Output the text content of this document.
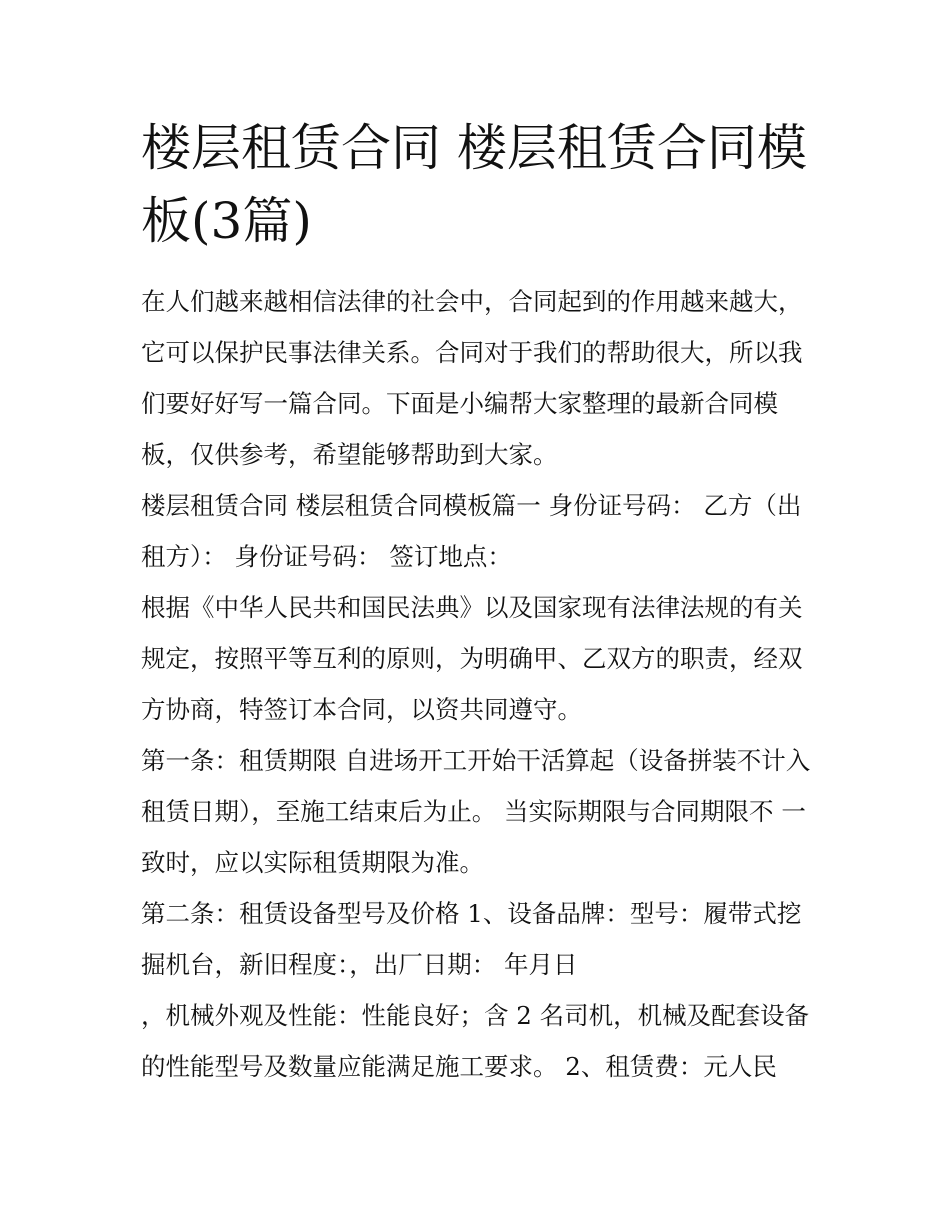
楼层租赁合同 楼层租赁合同模板(3篇)

在人们越来越相信法律的社会中，合同起到的作用越来越大，它可以保护民事法律关系。合同对于我们的帮助很大，所以我们要好好写一篇合同。下面是小编帮大家整理的最新合同模板，仅供参考，希望能够帮助到大家。

楼层租赁合同 楼层租赁合同模板篇一 身份证号码： 乙方（出租方）： 身份证号码： 签订地点：

根据《中华人民共和国民法典》以及国家现有法律法规的有关规定，按照平等互利的原则，为明确甲、乙双方的职责，经双方协商，特签订本合同，以资共同遵守。

第一条：租赁期限 自进场开工开始干活算起（设备拼装不计入租赁日期），至施工结束后为止。 当实际期限与合同期限不 一致时，应以实际租赁期限为准。

第二条：租赁设备型号及价格 1、设备品牌：型号：履带式挖掘机台，新旧程度：，出厂日期： 年月日

，机械外观及性能：性能良好；含 2 名司机，机械及配套设备的性能型号及数量应能满足施工要求。 2、租赁费：元人民
